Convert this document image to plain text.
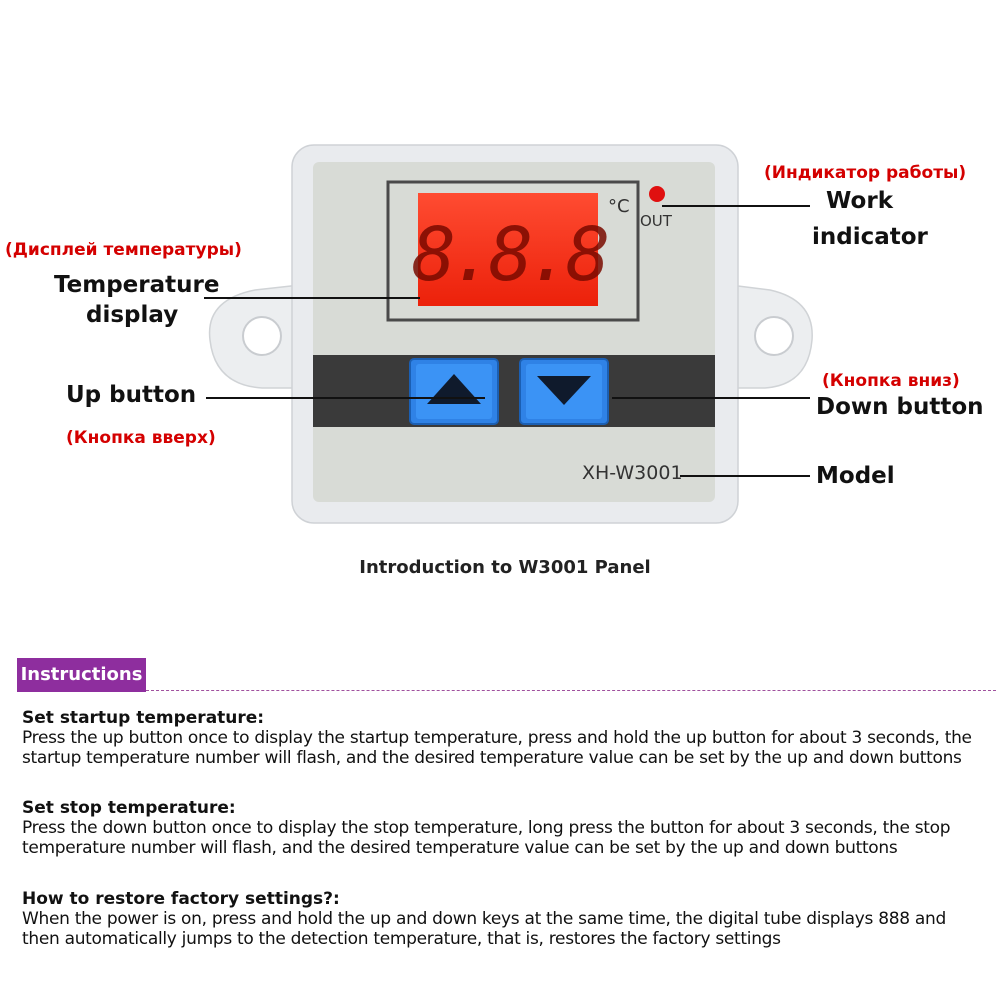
8.8.8
°C
OUT
XH-W3001
(Индикатор работы)
Work
indicator
(Дисплей температуры)
Temperature
display
Up button
(Кнопка вверх)
(Кнопка вниз)
Down button
Model
Introduction to W3001 Panel
Instructions
Set startup temperature:
Press the up button once to display the startup temperature, press and hold the up button for about 3 seconds, the startup temperature number will flash, and the desired temperature value can be set by the up and down buttons
Set stop temperature:
Press the down button once to display the stop temperature, long press the button for about 3 seconds, the stop temperature number will flash, and the desired temperature value can be set by the up and down buttons
How to restore factory settings?:
When the power is on, press and hold the up and down keys at the same time, the digital tube displays 888 and then automatically jumps to the detection temperature, that is, restores the factory settings
